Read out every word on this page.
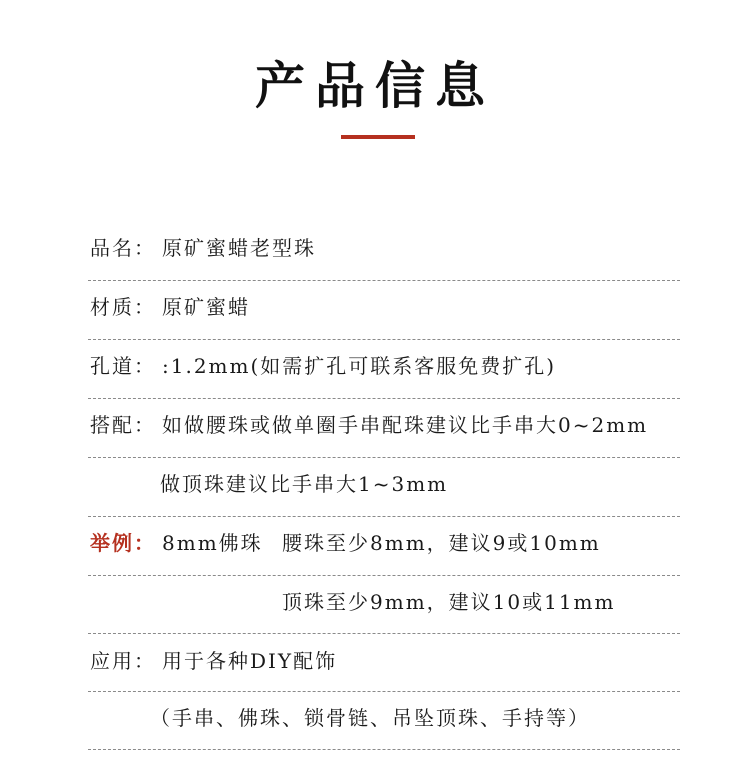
产品信息
品名： 原矿蜜蜡老型珠
材质： 原矿蜜蜡
孔道： :1.2mm(如需扩孔可联系客服免费扩孔)
搭配： 如做腰珠或做单圈手串配珠建议比手串大0~2mm
做顶珠建议比手串大1~3mm
举例： 8mm佛珠 腰珠至少8mm，建议9或10mm
顶珠至少9mm，建议10或11mm
应用： 用于各种DIY配饰
（手串、佛珠、锁骨链、吊坠顶珠、手持等）
